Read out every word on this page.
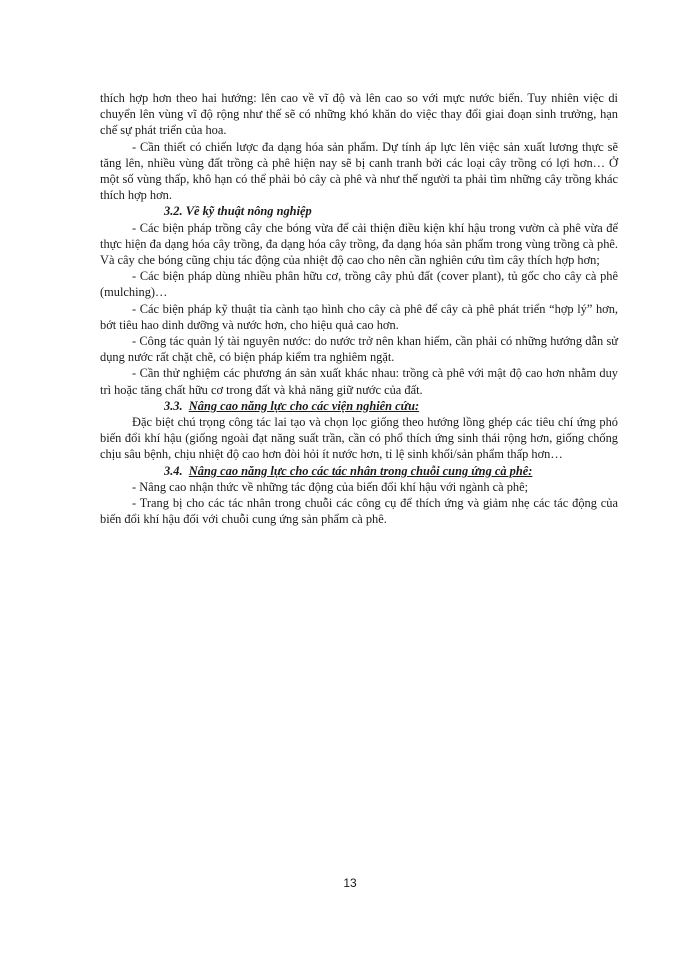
thích hợp hơn theo hai hướng: lên cao về vĩ độ và lên cao so với mực nước biển. Tuy nhiên việc di chuyển lên vùng vĩ độ rộng như thế sẽ có những khó khăn do việc thay đổi giai đoạn sinh trưởng, hạn chế sự phát triển của hoa.

- Cần thiết có chiến lược đa dạng hóa sản phẩm. Dự tính áp lực lên việc sản xuất lương thực sẽ tăng lên, nhiều vùng đất trồng cà phê hiện nay sẽ bị canh tranh bởi các loại cây trồng có lợi hơn… Ở một số vùng thấp, khô hạn có thể phải bỏ cây cà phê và như thế người ta phải tìm những cây trồng khác thích hợp hơn.

3.2. Về kỹ thuật nông nghiệp

- Các biện pháp trồng cây che bóng vừa để cải thiện điều kiện khí hậu trong vườn cà phê vừa để thực hiện đa dạng hóa cây trồng, đa dạng hóa cây trồng, đa dạng hóa sản phẩm trong vùng trồng cà phê. Và cây che bóng cũng chịu tác động của nhiệt độ cao cho nên cần nghiên cứu tìm cây thích hợp hơn;

- Các biện pháp dùng nhiều phân hữu cơ, trồng cây phủ đất (cover plant), tủ gốc cho cây cà phê (mulching)…

- Các biện pháp kỹ thuật tỉa cành tạo hình cho cây cà phê để cây cà phê phát triển “hợp lý” hơn, bớt tiêu hao dinh dưỡng và nước hơn, cho hiệu quả cao hơn.

- Công tác quản lý tài nguyên nước: do nước trở nên khan hiếm, cần phải có những hướng dẫn sử dụng nước rất chặt chẽ, có biện pháp kiểm tra nghiêm ngặt.

- Cần thử nghiệm các phương án sản xuất khác nhau: trồng cà phê với mật độ cao hơn nhằm duy trì hoặc tăng chất hữu cơ trong đất và khả năng giữ nước của đất.

3.3. Nâng cao năng lực cho các viện nghiên cứu:

Đặc biệt chú trọng công tác lai tạo và chọn lọc giống theo hướng lồng ghép các tiêu chí ứng phó biến đổi khí hậu (giống ngoài đạt năng suất trần, cần có phổ thích ứng sinh thái rộng hơn, giống chống chịu sâu bệnh, chịu nhiệt độ cao hơn đòi hỏi ít nước hơn, tỉ lệ sinh khối/sản phẩm thấp hơn…

3.4. Nâng cao năng lực cho các tác nhân trong chuỗi cung ứng cà phê:

- Nâng cao nhận thức về những tác động của biến đổi khí hậu với ngành cà phê;

- Trang bị cho các tác nhân trong chuỗi các công cụ để thích ứng và giảm nhẹ các tác động của biến đổi khí hậu đối với chuỗi cung ứng sản phẩm cà phê.

13
